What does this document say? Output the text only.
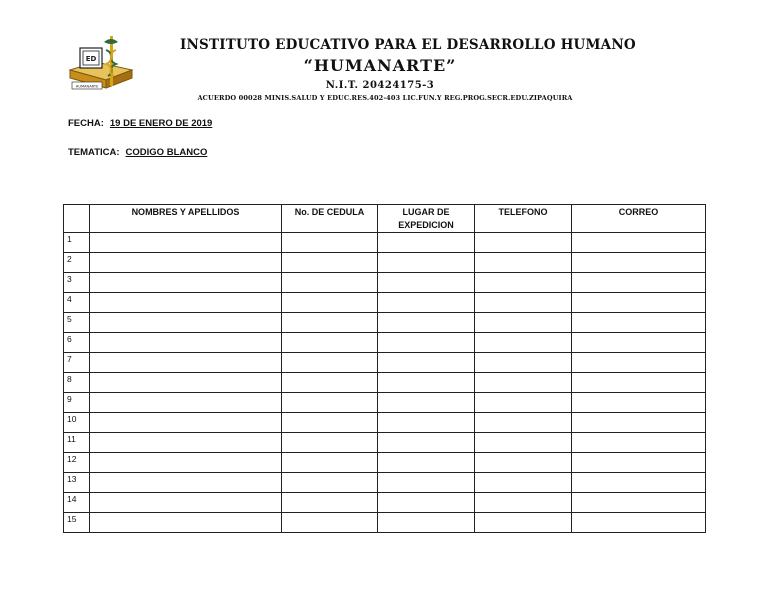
HUMANARTE
ED
INSTITUTO EDUCATIVO PARA EL DESARROLLO HUMANO
“HUMANARTE”
N.I.T. 20424175-3
ACUERDO 00028 MINIS.SALUD Y EDUC.RES.402-403 LIC.FUN.Y REG.PROG.SECR.EDU.ZIPAQUIRA
FECHA: 19 DE ENERO DE 2019
TEMATICA: CODIGO BLANCO
	NOMBRES Y APELLIDOS	No. DE CEDULA	LUGAR DE EXPEDICION	TELEFONO	CORREO
1					
2					
3					
4					
5					
6					
7					
8					
9					
10					
11					
12					
13					
14					
15					
